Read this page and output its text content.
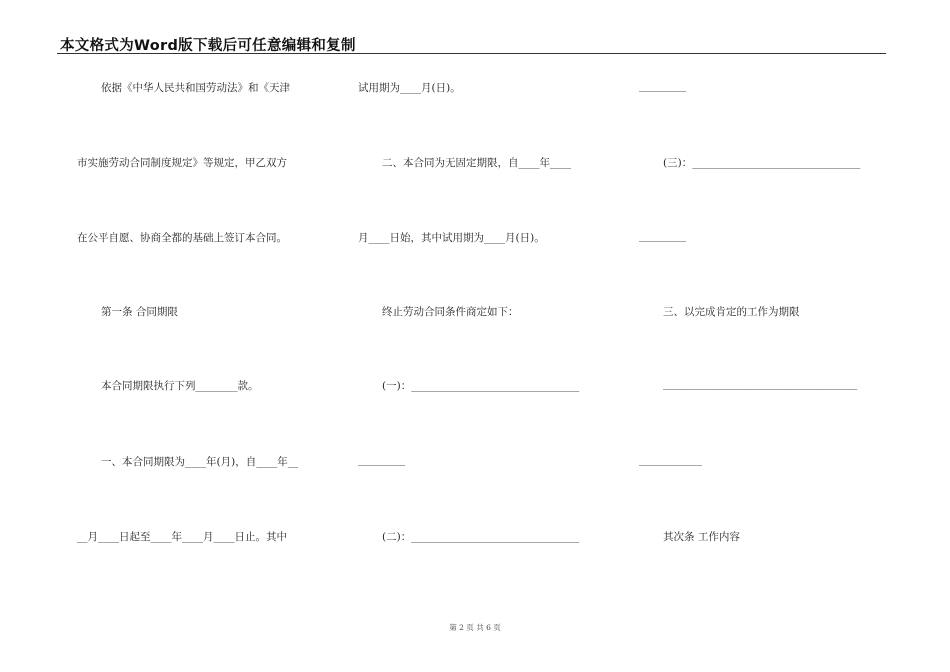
本文格式为Word版下载后可任意编辑和复制
依据《中华人民共和国劳动法》和《天津
市实施劳动合同制度规定》等规定，甲乙双方
在公平自愿、协商全都的基础上签订本合同。
第一条 合同期限
本合同期限执行下列________款。
一、本合同期限为____年(月)，自____年__
__月____日起至____年____月____日止。其中
试用期为____月(日)。
二、本合同为无固定期限，自____年____
月____日始，其中试用期为____月(日)。
终止劳动合同条件商定如下：
(一)：________________________________
_________
(二)：________________________________
_________
(三)：________________________________
_________
三、以完成肯定的工作为期限
_____________________________________
____________
其次条 工作内容
第 2 页 共 6 页
